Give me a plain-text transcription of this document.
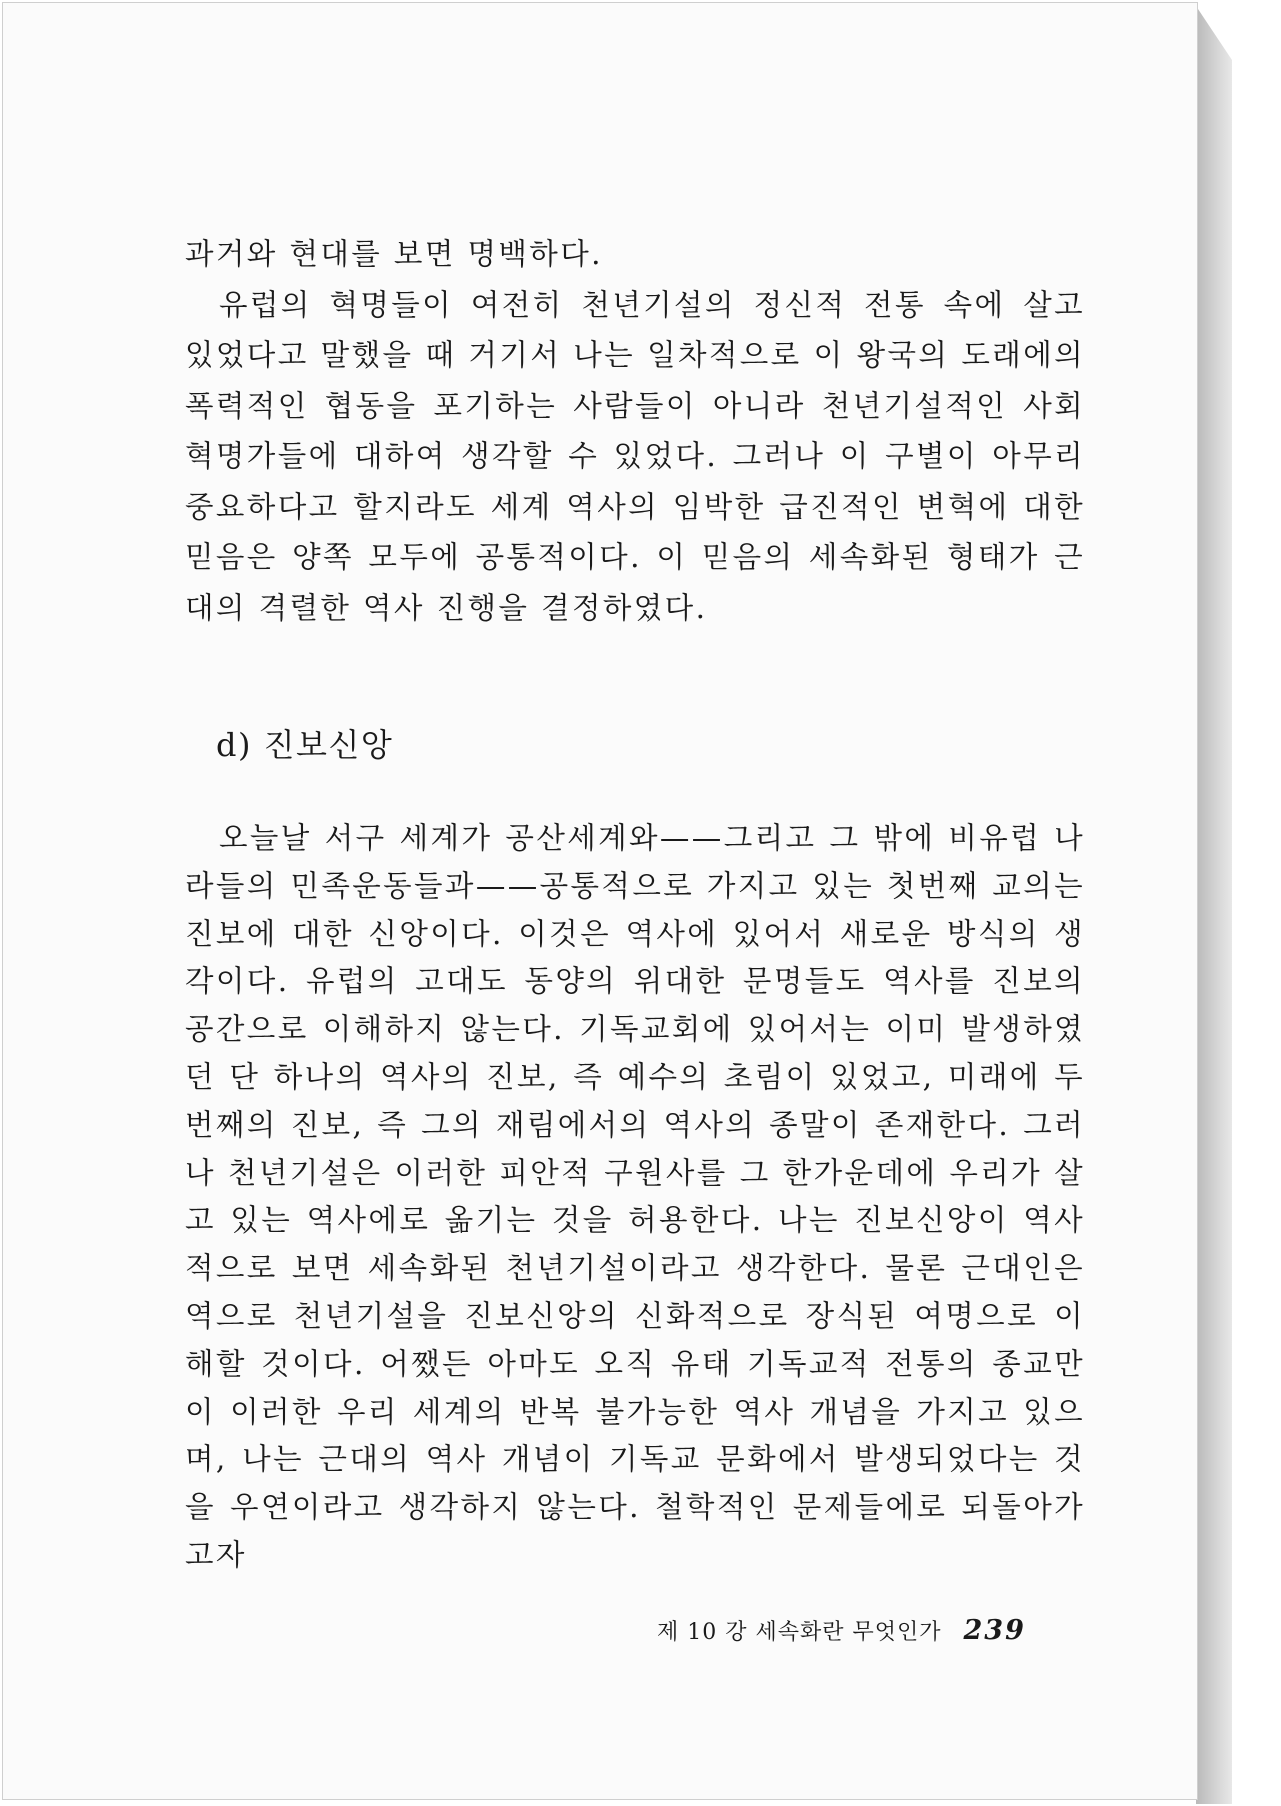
과거와 현대를 보면 명백하다.

유럽의 혁명들이 여전히 천년기설의 정신적 전통 속에 살고 있었다고 말했을 때 거기서 나는 일차적으로 이 왕국의 도래에의 폭력적인 협동을 포기하는 사람들이 아니라 천년기설적인 사회혁명가들에 대하여 생각할 수 있었다. 그러나 이 구별이 아무리 중요하다고 할지라도 세계 역사의 임박한 급진적인 변혁에 대한 믿음은 양쪽 모두에 공통적이다. 이 믿음의 세속화된 형태가 근대의 격렬한 역사 진행을 결정하였다.

d) 진보신앙

오늘날 서구 세계가 공산세계와——그리고 그 밖에 비유럽 나라들의 민족운동들과——공통적으로 가지고 있는 첫번째 교의는 진보에 대한 신앙이다. 이것은 역사에 있어서 새로운 방식의 생각이다. 유럽의 고대도 동양의 위대한 문명들도 역사를 진보의 공간으로 이해하지 않는다. 기독교회에 있어서는 이미 발생하였던 단 하나의 역사의 진보, 즉 예수의 초림이 있었고, 미래에 두번째의 진보, 즉 그의 재림에서의 역사의 종말이 존재한다. 그러나 천년기설은 이러한 피안적 구원사를 그 한가운데에 우리가 살고 있는 역사에로 옮기는 것을 허용한다. 나는 진보신앙이 역사적으로 보면 세속화된 천년기설이라고 생각한다. 물론 근대인은 역으로 천년기설을 진보신앙의 신화적으로 장식된 여명으로 이해할 것이다. 어쨌든 아마도 오직 유태 기독교적 전통의 종교만이 이러한 우리 세계의 반복 불가능한 역사 개념을 가지고 있으며, 나는 근대의 역사 개념이 기독교 문화에서 발생되었다는 것을 우연이라고 생각하지 않는다. 철학적인 문제들에로 되돌아가고자

제 10 강 세속화란 무엇인가 239
